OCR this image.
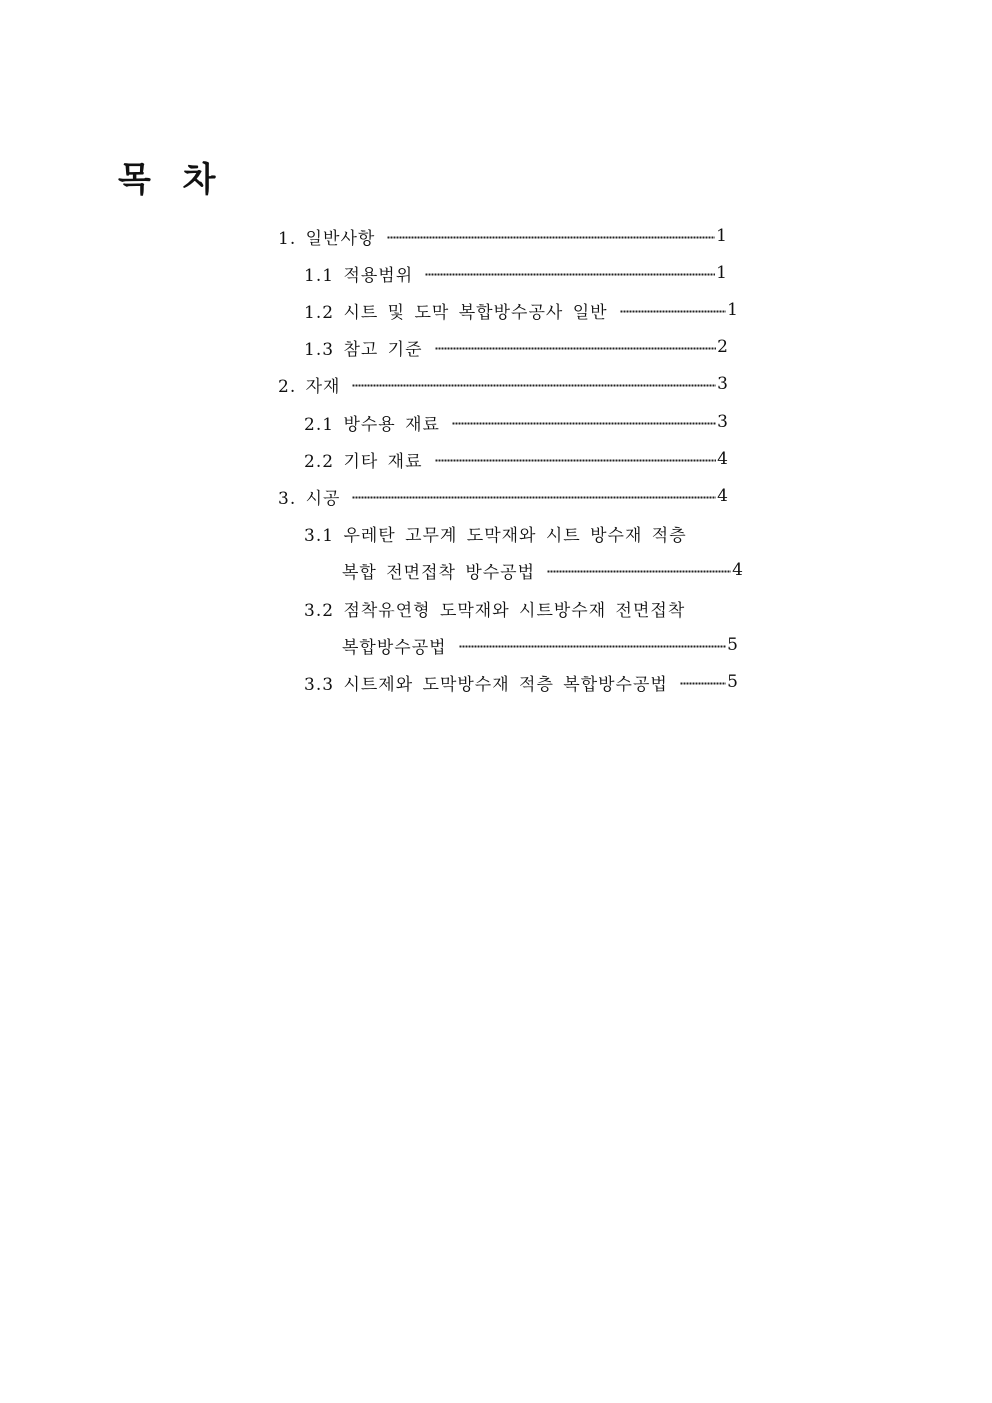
목 차
1. 일반사항	1
1.1 적용범위	1
1.2 시트 및 도막 복합방수공사 일반	1
1.3 참고 기준	2
2. 자재	3
2.1 방수용 재료	3
2.2 기타 재료	4
3. 시공	4
3.1 우레탄 고무계 도막재와 시트 방수재 적층
복합 전면접착 방수공법	4
3.2 점착유연형 도막재와 시트방수재 전면접착
복합방수공법	5
3.3 시트제와 도막방수재 적층 복합방수공법	5
